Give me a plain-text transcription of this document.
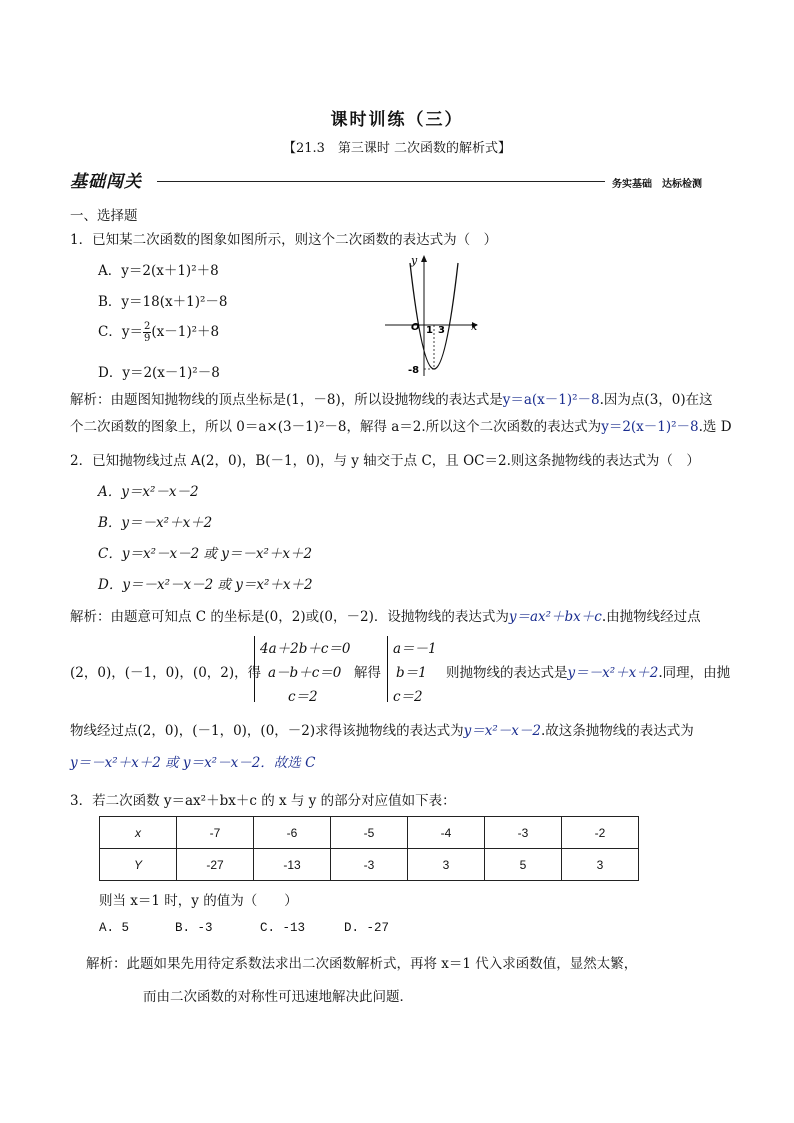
课时训练（三）
【21.3　第三课时 二次函数的解析式】
基础闯关	务实基础　达标检测
一、选择题
1．已知某二次函数的图象如图所示，则这个二次函数的表达式为（　）
A．y＝2(x＋1)²＋8
B．y＝18(x＋1)²－8
C．$y= \frac{2}{9} (x-1)^2+8$
D．y＝2(x－1)²－8
y
x
O 1 3
-8
解析：由题图知抛物线的顶点坐标是(1，－8)，所以设抛物线的表达式是y＝a(x－1)²－8.因为点(3，0)在这
个二次函数的图象上，所以 0＝a×(3－1)²－8，解得 a＝2.所以这个二次函数的表达式为y＝2(x－1)²－8.选 D
2．已知抛物线过点 A(2，0)，B(－1，0)，与 y 轴交于点 C，且 OC＝2.则这条抛物线的表达式为（　）
A．y＝x²－x－2
B．y＝－x²＋x＋2
C．y＝x²－x－2 或 y＝－x²＋x＋2
D．y＝－x²－x－2 或 y＝x²＋x＋2
解析：由题意可知点 C 的坐标是(0，2)或(0，－2)．设抛物线的表达式为y＝ax²＋bx＋c.由抛物线经过点
(2，0)，(－1，0)，(0，2)，得
4a＋2b＋c＝0
a－b＋c＝0
c＝2
解得
a＝－1
b＝1
c＝2
则抛物线的表达式是y＝－x²＋x＋2.同理，由抛
物线经过点(2，0)，(－1，0)，(0，－2)求得该抛物线的表达式为y＝x²－x－2.故这条抛物线的表达式为
y＝－x²＋x＋2 或 y＝x²－x－2．故选 C
3．若二次函数 y＝ax²＋bx＋c 的 x 与 y 的部分对应值如下表：
x	-7	-6	-5	-4	-3	-2
Y	-27	-13	-3	3	5	3
则当 x＝1 时，y 的值为（　　）
A. 5	B. -3	C. -13	D. -27
解析：此题如果先用待定系数法求出二次函数解析式，再将 x＝1 代入求函数值，显然太繁，
而由二次函数的对称性可迅速地解决此问题．
